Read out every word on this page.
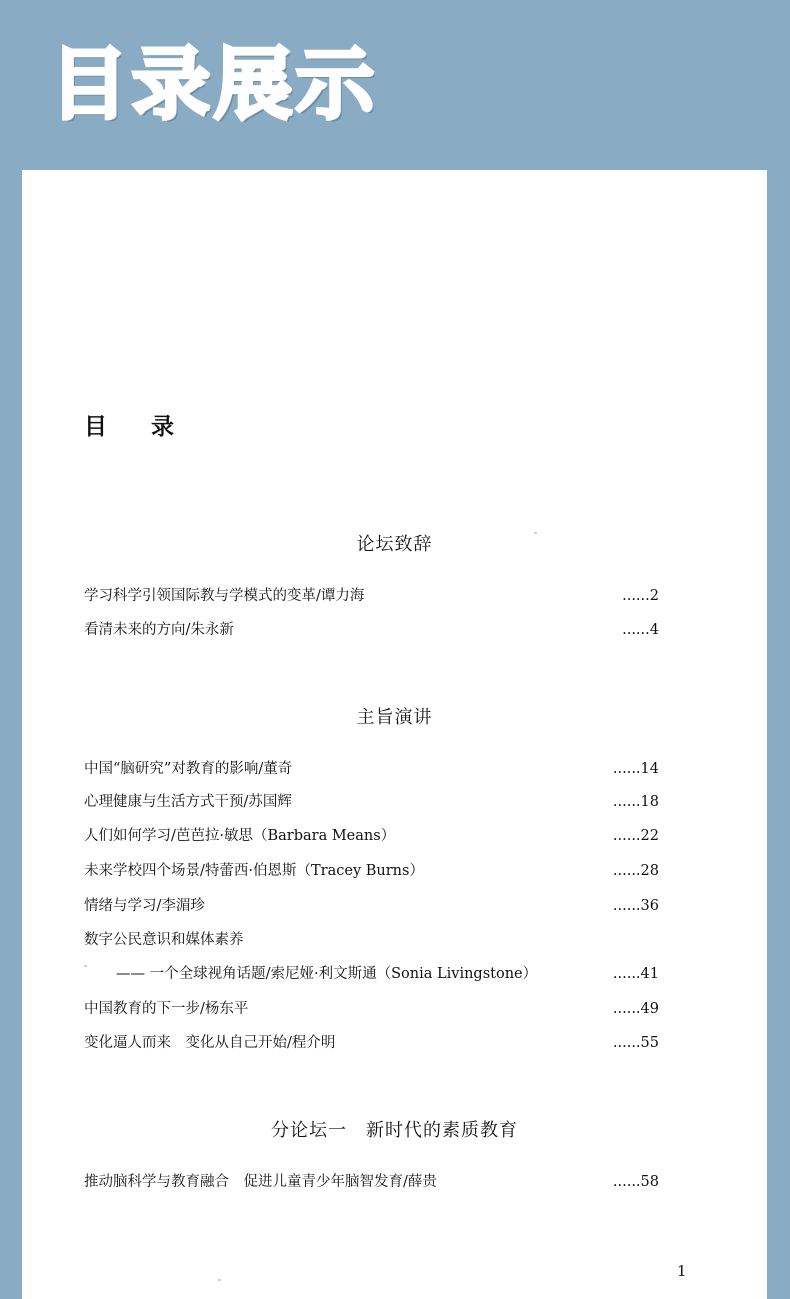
目录展示
目 录
论坛致辞
学习科学引领国际教与学模式的变革/谭力海	......2
看清未来的方向/朱永新	......4
主旨演讲
中国“脑研究”对教育的影响/董奇	......14
心理健康与生活方式干预/苏国辉	......18
人们如何学习/芭芭拉·敏思（Barbara Means）	......22
未来学校四个场景/特蕾西·伯恩斯（Tracey Burns）	......28
情绪与学习/李湄珍	......36
数字公民意识和媒体素养
—— 一个全球视角话题/索尼娅·利文斯通（Sonia Livingstone）	......41
中国教育的下一步/杨东平	......49
变化逼人而来　变化从自己开始/程介明	......55
分论坛一　新时代的素质教育
推动脑科学与教育融合　促进儿童青少年脑智发育/薛贵	......58
1
